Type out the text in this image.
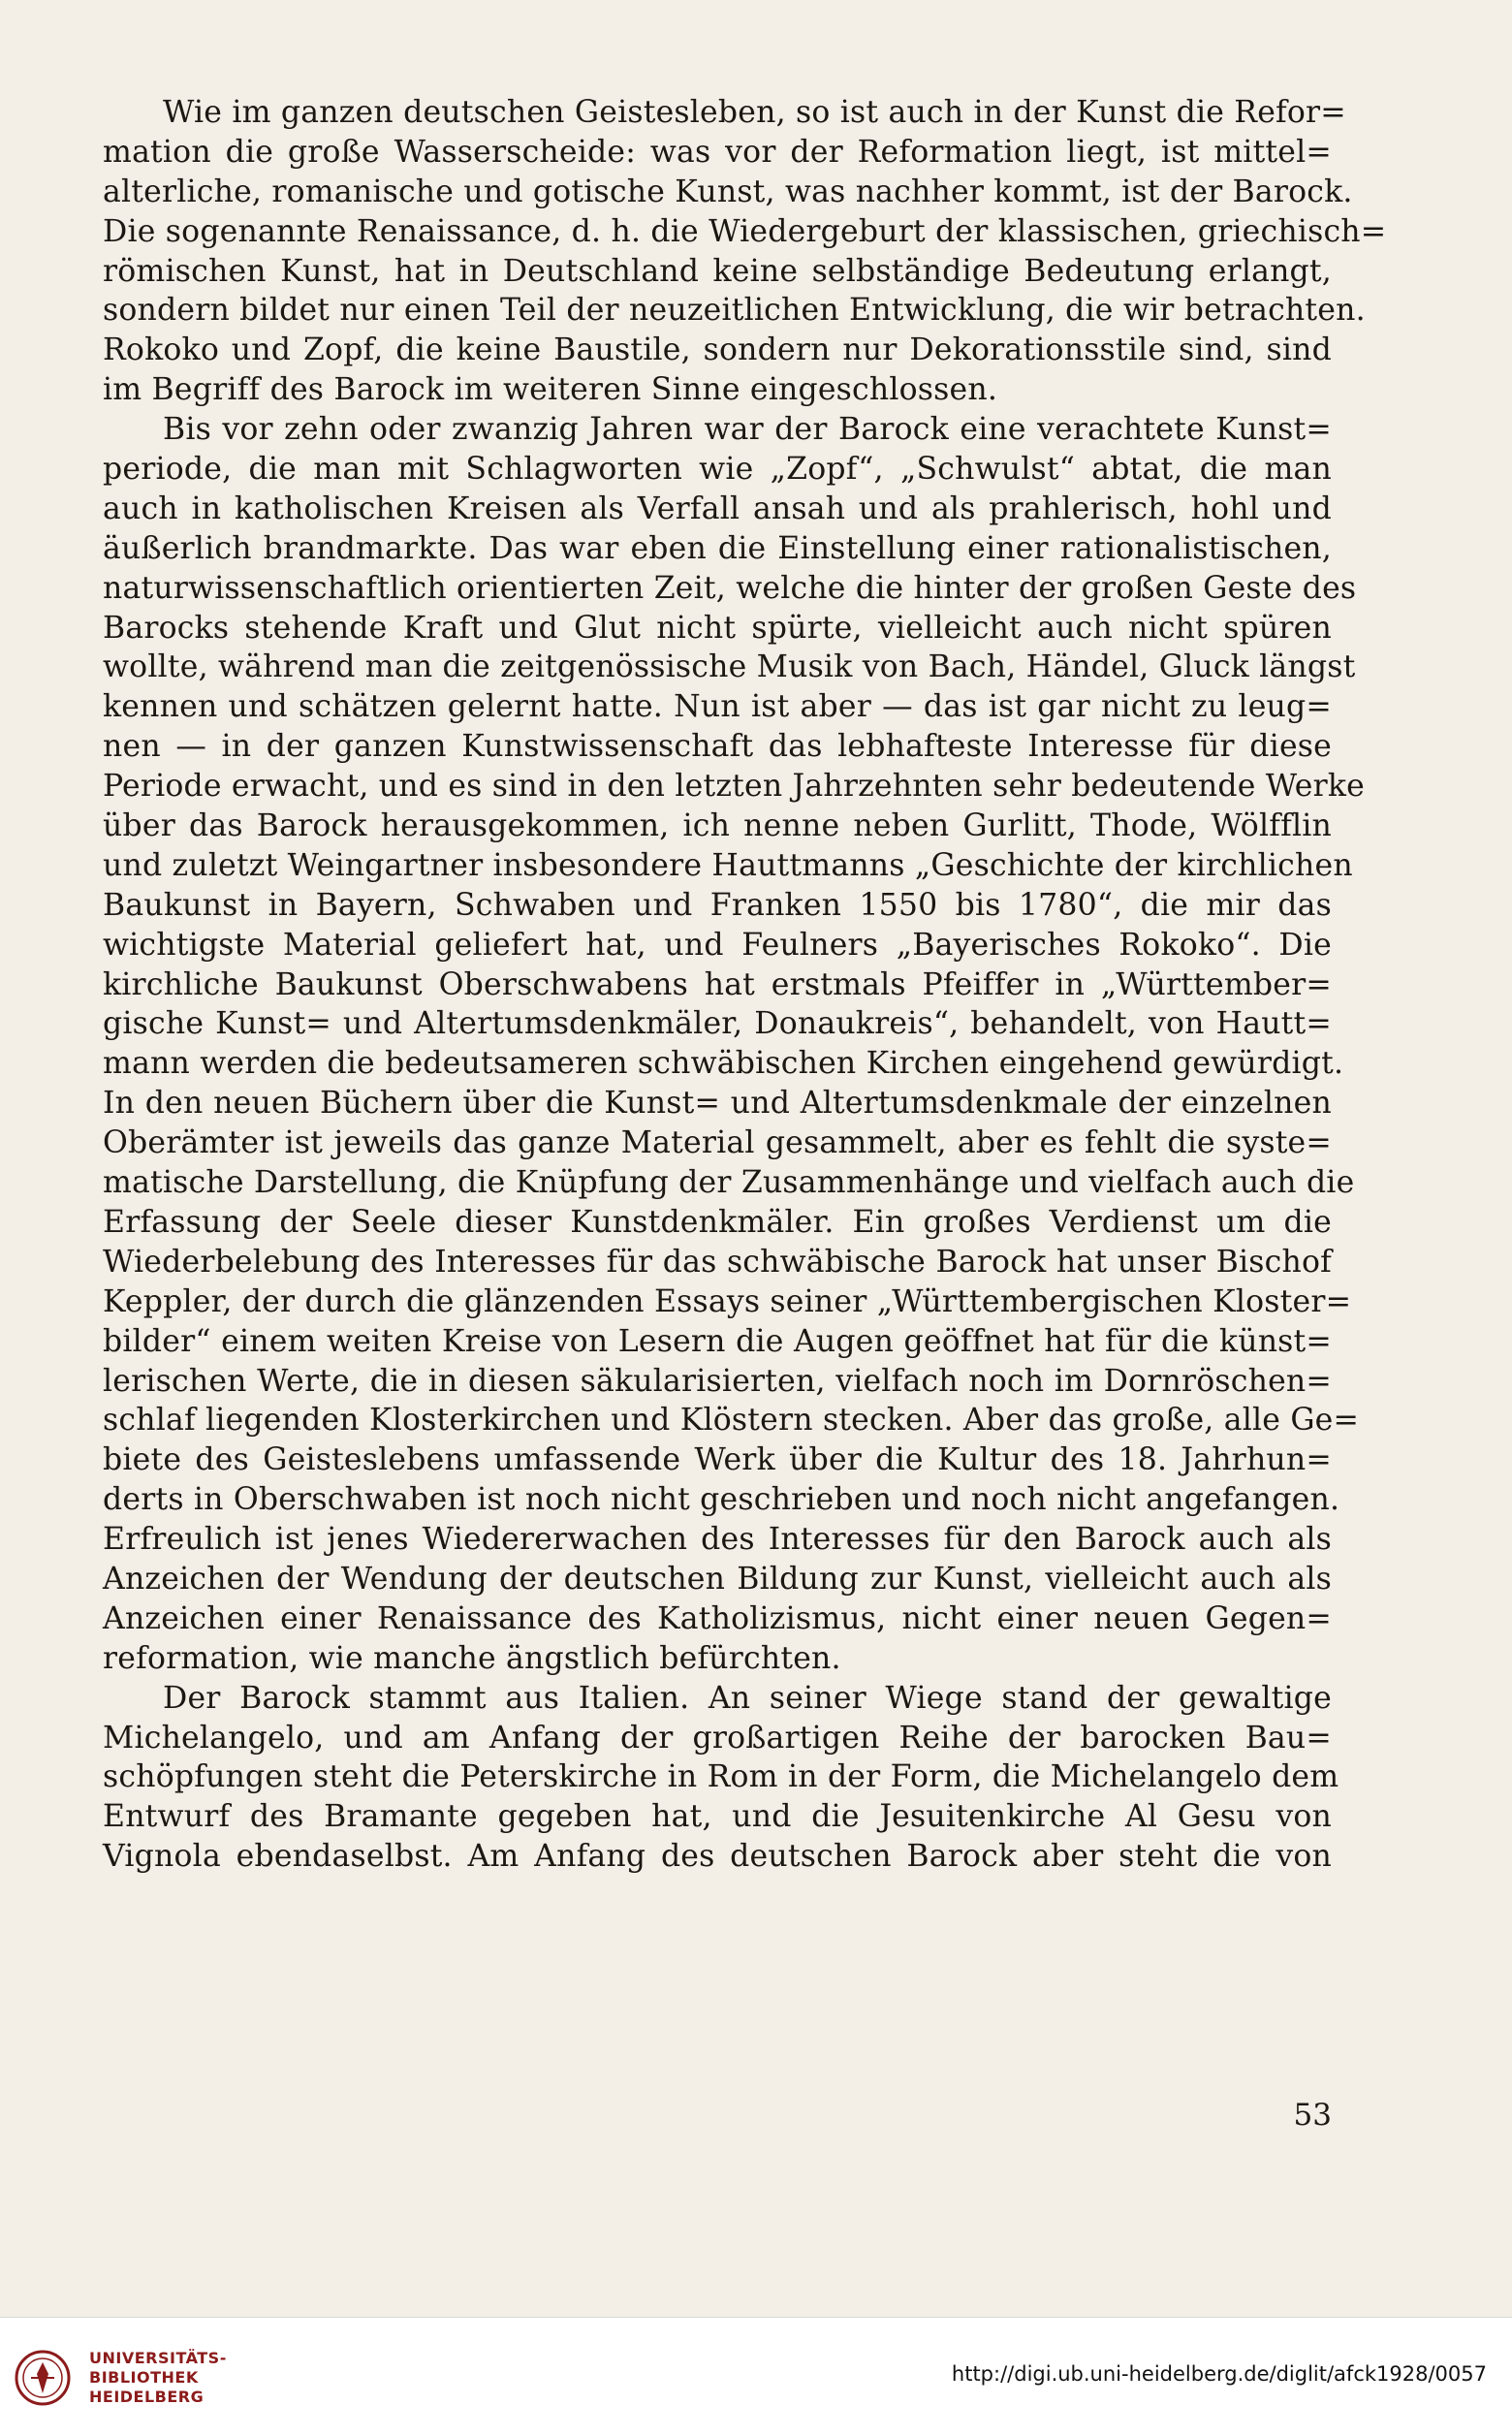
Wie im ganzen deutschen Geistesleben, so ist auch in der Kunst die Refor=
mation die große Wasserscheide: was vor der Reformation liegt, ist mittel=
alterliche, romanische und gotische Kunst, was nachher kommt, ist der Barock.
Die sogenannte Renaissance, d. h. die Wiedergeburt der klassischen, griechisch=
römischen Kunst, hat in Deutschland keine selbständige Bedeutung erlangt,
sondern bildet nur einen Teil der neuzeitlichen Entwicklung, die wir betrachten.
Rokoko und Zopf, die keine Baustile, sondern nur Dekorationsstile sind, sind
im Begriff des Barock im weiteren Sinne eingeschlossen.

Bis vor zehn oder zwanzig Jahren war der Barock eine verachtete Kunst=
periode, die man mit Schlagworten wie „Zopf“, „Schwulst“ abtat, die man
auch in katholischen Kreisen als Verfall ansah und als prahlerisch, hohl und
äußerlich brandmarkte. Das war eben die Einstellung einer rationalistischen,
naturwissenschaftlich orientierten Zeit, welche die hinter der großen Geste des
Barocks stehende Kraft und Glut nicht spürte, vielleicht auch nicht spüren
wollte, während man die zeitgenössische Musik von Bach, Händel, Gluck längst
kennen und schätzen gelernt hatte. Nun ist aber — das ist gar nicht zu leug=
nen — in der ganzen Kunstwissenschaft das lebhafteste Interesse für diese
Periode erwacht, und es sind in den letzten Jahrzehnten sehr bedeutende Werke
über das Barock herausgekommen, ich nenne neben Gurlitt, Thode, Wölfflin
und zuletzt Weingartner insbesondere Hauttmanns „Geschichte der kirchlichen
Baukunst in Bayern, Schwaben und Franken 1550 bis 1780“, die mir das
wichtigste Material geliefert hat, und Feulners „Bayerisches Rokoko“. Die
kirchliche Baukunst Oberschwabens hat erstmals Pfeiffer in „Württember=
gische Kunst= und Altertumsdenkmäler, Donaukreis“, behandelt, von Hautt=
mann werden die bedeutsameren schwäbischen Kirchen eingehend gewürdigt.
In den neuen Büchern über die Kunst= und Altertumsdenkmale der einzelnen
Oberämter ist jeweils das ganze Material gesammelt, aber es fehlt die syste=
matische Darstellung, die Knüpfung der Zusammenhänge und vielfach auch die
Erfassung der Seele dieser Kunstdenkmäler. Ein großes Verdienst um die
Wiederbelebung des Interesses für das schwäbische Barock hat unser Bischof
Keppler, der durch die glänzenden Essays seiner „Württembergischen Kloster=
bilder“ einem weiten Kreise von Lesern die Augen geöffnet hat für die künst=
lerischen Werte, die in diesen säkularisierten, vielfach noch im Dornröschen=
schlaf liegenden Klosterkirchen und Klöstern stecken. Aber das große, alle Ge=
biete des Geisteslebens umfassende Werk über die Kultur des 18. Jahrhun=
derts in Oberschwaben ist noch nicht geschrieben und noch nicht angefangen.
Erfreulich ist jenes Wiedererwachen des Interesses für den Barock auch als
Anzeichen der Wendung der deutschen Bildung zur Kunst, vielleicht auch als
Anzeichen einer Renaissance des Katholizismus, nicht einer neuen Gegen=
reformation, wie manche ängstlich befürchten.

Der Barock stammt aus Italien. An seiner Wiege stand der gewaltige
Michelangelo, und am Anfang der großartigen Reihe der barocken Bau=
schöpfungen steht die Peterskirche in Rom in der Form, die Michelangelo dem
Entwurf des Bramante gegeben hat, und die Jesuitenkirche Al Gesu von
Vignola ebendaselbst. Am Anfang des deutschen Barock aber steht die von

53
UNIVERSITÄTS-
BIBLIOTHEK
HEIDELBERG
http://digi.ub.uni-heidelberg.de/diglit/afck1928/0057
